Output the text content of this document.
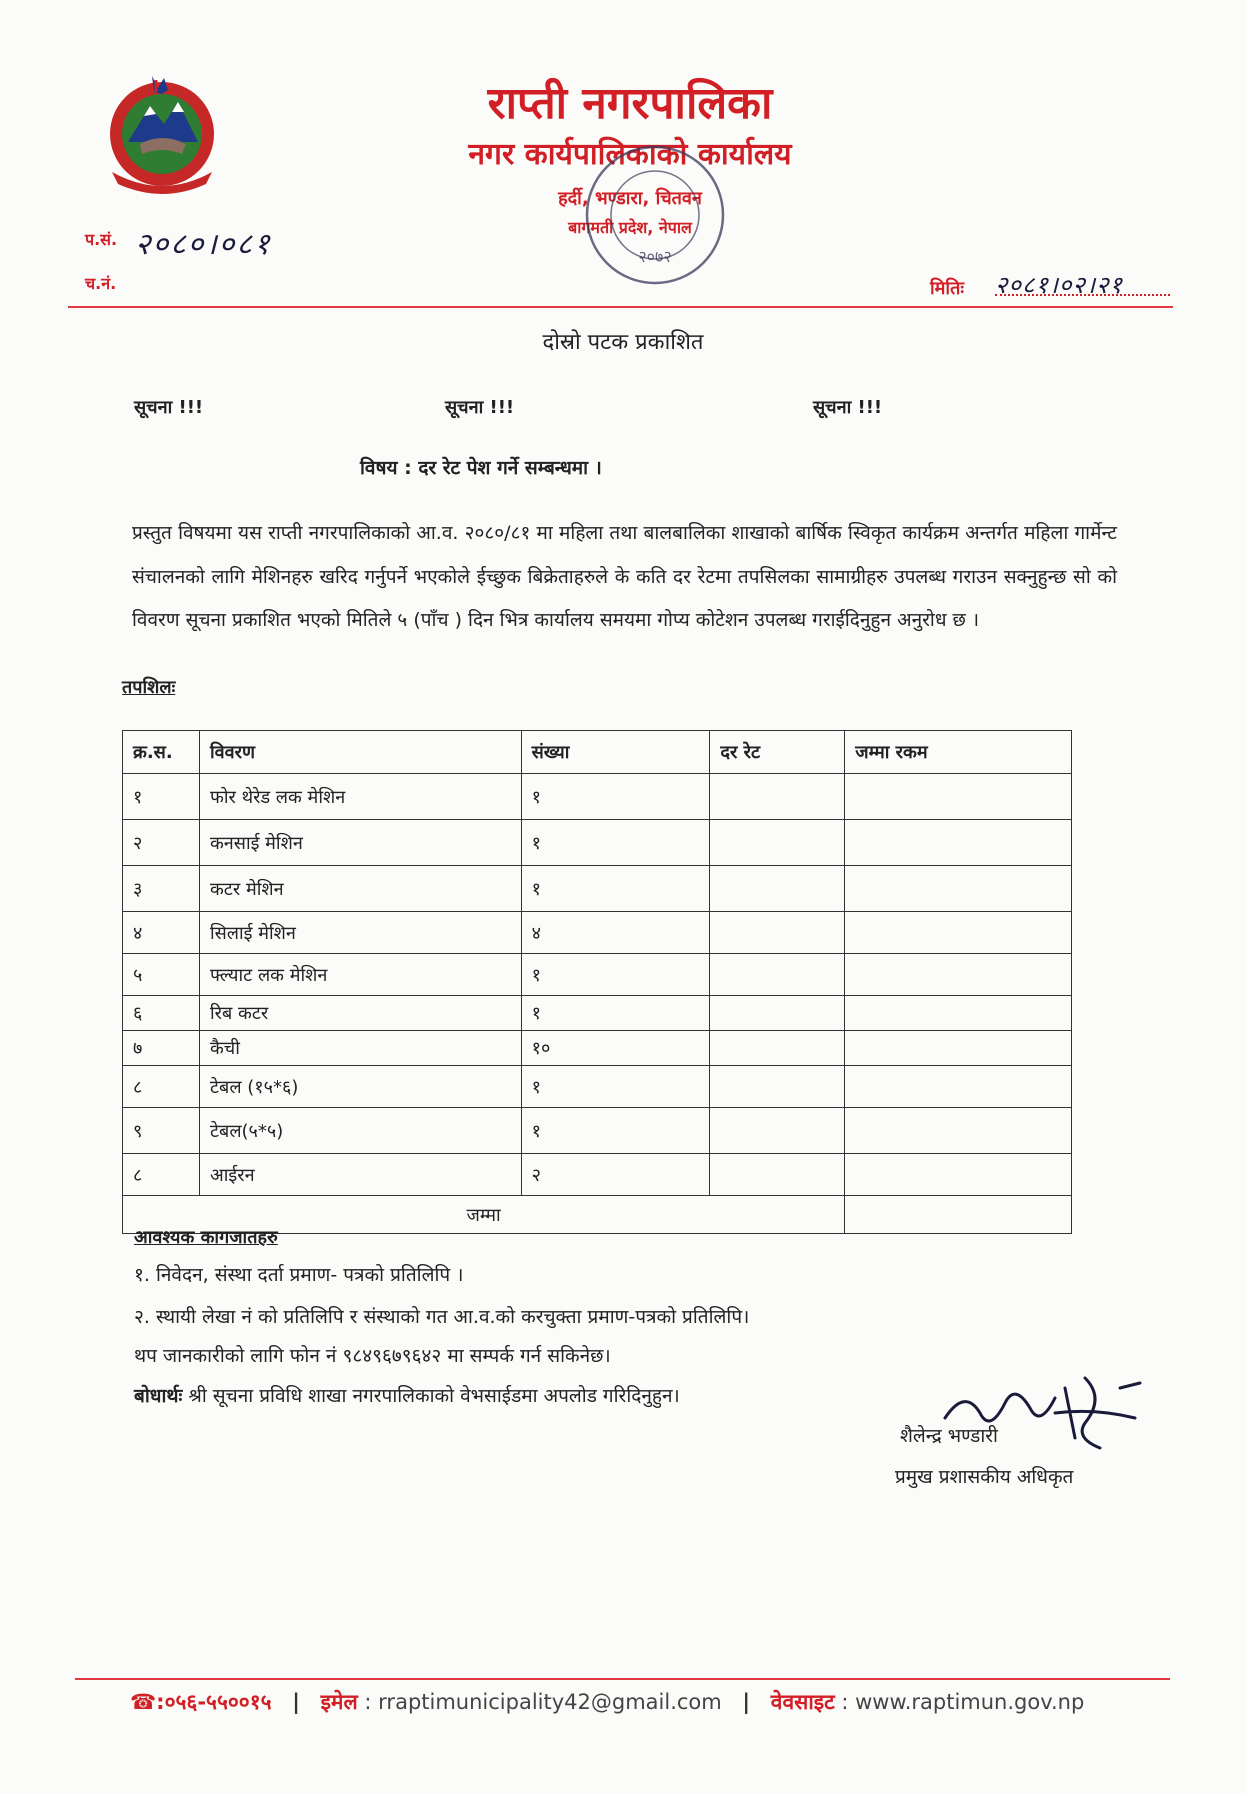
राप्ती नगरपालिका
नगर कार्यपालिकाको कार्यालय
हर्दी, भण्डारा, चितवन
बागमती प्रदेश, नेपाल
२०७२
प.सं. २०८०।०८१
च.नं.	मितिः २०८१।०२।२१
दोस्रो पटक प्रकाशित
सूचना !!!	सूचना !!!	सूचना !!!
विषय : दर रेट पेश गर्ने सम्बन्धमा ।
प्रस्तुत विषयमा यस राप्ती नगरपालिकाको आ.व. २०८०/८१ मा महिला तथा बालबालिका शाखाको बार्षिक स्विकृत कार्यक्रम अन्तर्गत महिला गार्मेन्ट संचालनको लागि मेशिनहरु खरिद गर्नुपर्ने भएकोले ईच्छुक बिक्रेताहरुले के कति दर रेटमा तपसिलका सामाग्रीहरु उपलब्ध गराउन सक्नुहुन्छ सो को विवरण सूचना प्रकाशित भएको मितिले ५ (पाँच ) दिन भित्र कार्यालय समयमा गोप्य कोटेशन उपलब्ध गराईदिनुहुन अनुरोध छ ।
तपशिलः
क्र.स.	विवरण	संख्या	दर रेट	जम्मा रकम
१	फोर थेरेड लक मेशिन	१		
२	कनसाई मेशिन	१		
३	कटर मेशिन	१		
४	सिलाई मेशिन	४		
५	फ्ल्याट लक मेशिन	१		
६	रिब कटर	१		
७	कैची	१०		
८	टेबल (१५*६)	१		
९	टेबल(५*५)	१		
८	आईरन	२		
जम्मा				
आवश्यक कागजातहरु
१. निवेदन, संस्था दर्ता प्रमाण- पत्रको प्रतिलिपि ।
२. स्थायी लेखा नं को प्रतिलिपि र संस्थाको गत आ.व.को करचुक्ता प्रमाण-पत्रको प्रतिलिपि।
थप जानकारीको लागि फोन नं ९८४९६७९६४२ मा सम्पर्क गर्न सकिनेछ।
बोधार्थः श्री सूचना प्रविधि शाखा नगरपालिकाको वेभसाईडमा अपलोड गरिदिनुहुन।
शैलेन्द्र भण्डारी
प्रमुख प्रशासकीय अधिकृत
☎:०५६-५५००१५ | इमेल : rraptimunicipality42@gmail.com | वेवसाइट : www.raptimun.gov.np
